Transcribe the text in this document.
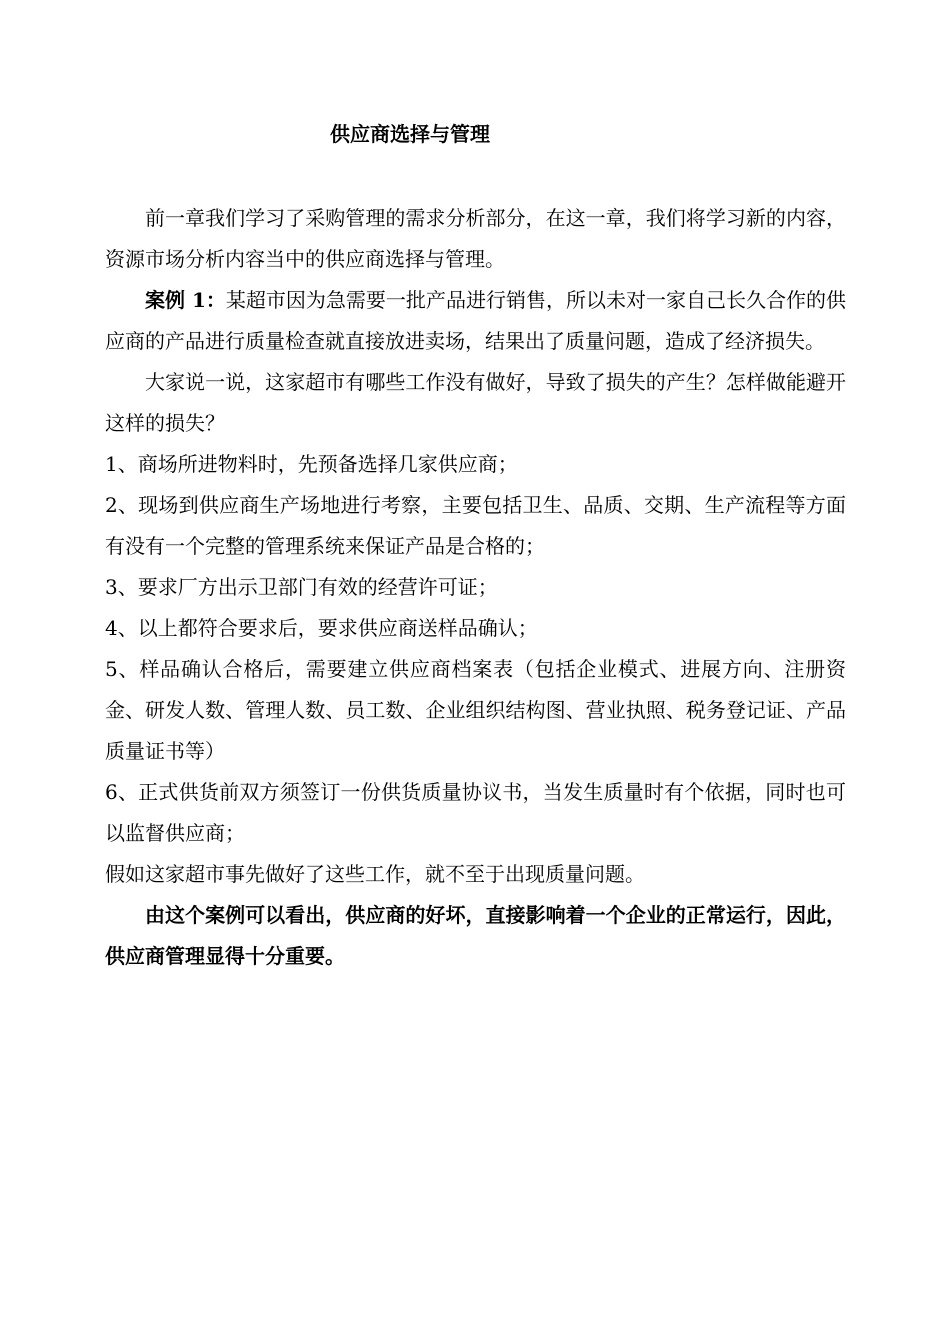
供应商选择与管理

前一章我们学习了采购管理的需求分析部分，在这一章，我们将学习新的内容，资源市场分析内容当中的供应商选择与管理。

案例 1：某超市因为急需要一批产品进行销售，所以未对一家自己长久合作的供应商的产品进行质量检查就直接放进卖场，结果出了质量问题，造成了经济损失。

大家说一说，这家超市有哪些工作没有做好，导致了损失的产生？怎样做能避开这样的损失？

1、商场所进物料时，先预备选择几家供应商；

2、现场到供应商生产场地进行考察，主要包括卫生、品质、交期、生产流程等方面有没有一个完整的管理系统来保证产品是合格的；

3、要求厂方出示卫部门有效的经营许可证；

4、以上都符合要求后，要求供应商送样品确认；

5、样品确认合格后，需要建立供应商档案表（包括企业模式、进展方向、注册资金、研发人数、管理人数、员工数、企业组织结构图、营业执照、税务登记证、产品质量证书等）

6、正式供货前双方须签订一份供货质量协议书，当发生质量时有个依据，同时也可以监督供应商；

假如这家超市事先做好了这些工作，就不至于出现质量问题。

由这个案例可以看出，供应商的好坏，直接影响着一个企业的正常运行，因此，供应商管理显得十分重要。
